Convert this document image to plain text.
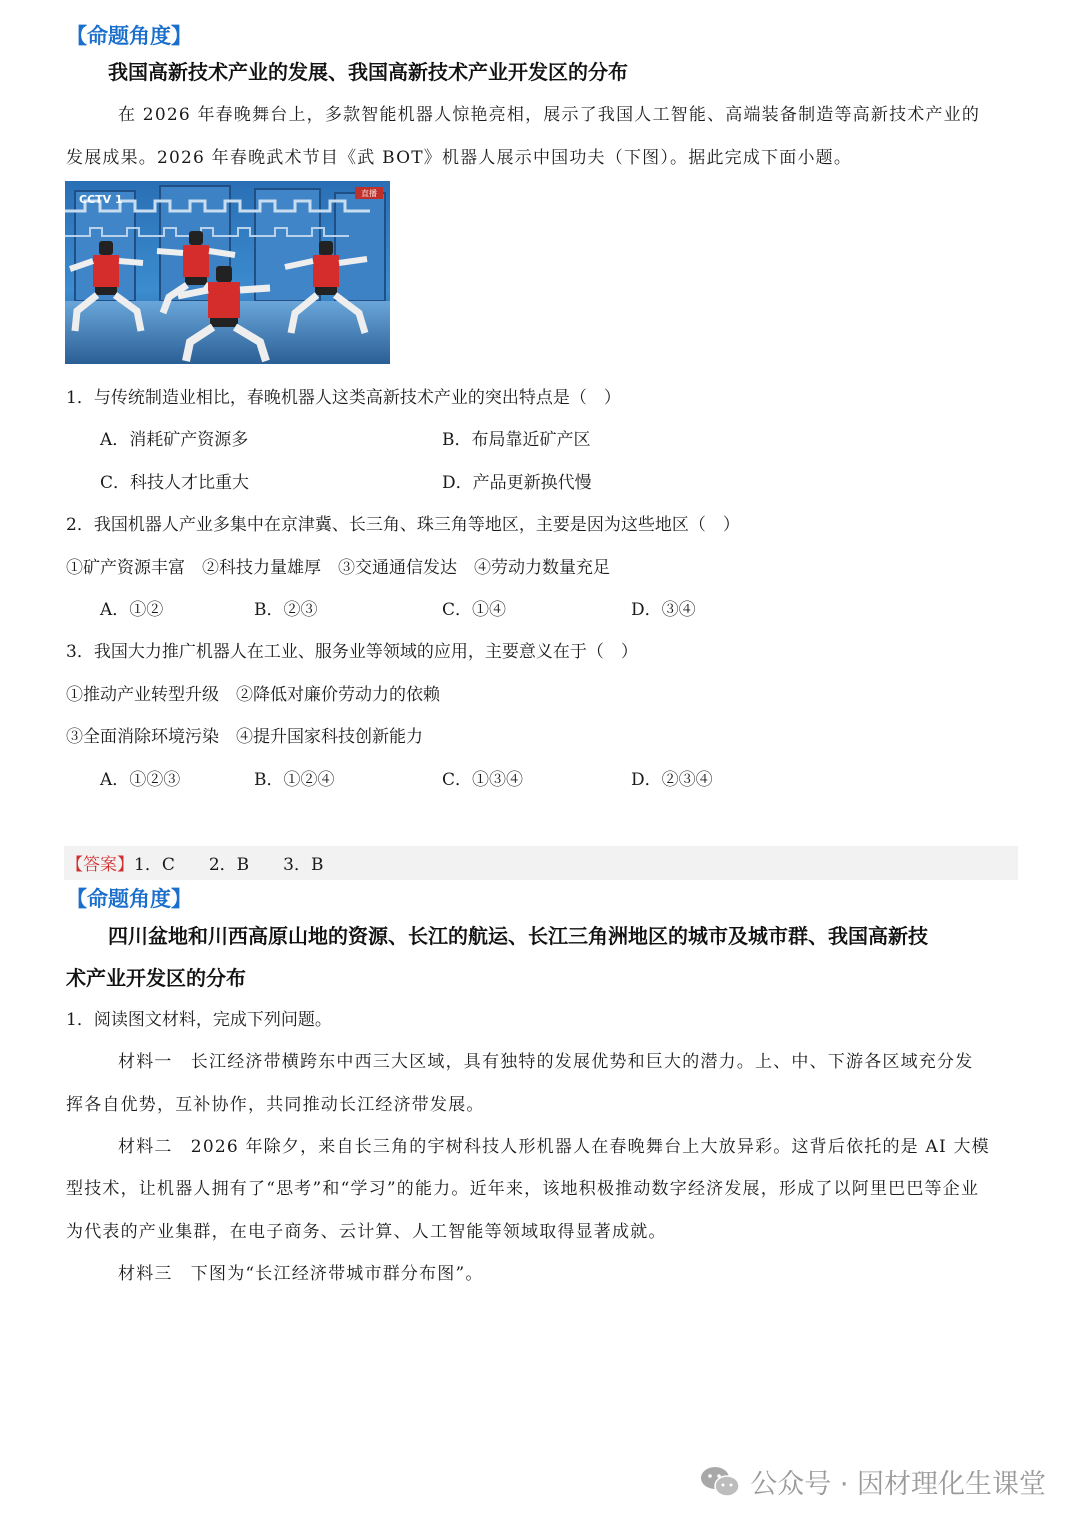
【命题角度】
我国高新技术产业的发展、我国高新技术产业开发区的分布
在 2026 年春晚舞台上，多款智能机器人惊艳亮相，展示了我国人工智能、高端装备制造等高新技术产业的
发展成果。2026 年春晚武术节目《武 BOT》机器人展示中国功夫（下图）。据此完成下面小题。
CCTV 1	直播
1．与传统制造业相比，春晚机器人这类高新技术产业的突出特点是（　）
A．消耗矿产资源多	B．布局靠近矿产区
C．科技人才比重大	D．产品更新换代慢
2．我国机器人产业多集中在京津冀、长三角、珠三角等地区，主要是因为这些地区（　）
①矿产资源丰富　②科技力量雄厚　③交通通信发达　④劳动力数量充足
A．①②	B．②③	C．①④	D．③④
3．我国大力推广机器人在工业、服务业等领域的应用，主要意义在于（　）
①推动产业转型升级　②降低对廉价劳动力的依赖
③全面消除环境污染　④提升国家科技创新能力
A．①②③	B．①②④	C．①③④	D．②③④
【答案】1．C　　2．B　　3．B
【命题角度】
四川盆地和川西高原山地的资源、长江的航运、长江三角洲地区的城市及城市群、我国高新技
术产业开发区的分布
1．阅读图文材料，完成下列问题。
材料一　长江经济带横跨东中西三大区域，具有独特的发展优势和巨大的潜力。上、中、下游各区域充分发
挥各自优势，互补协作，共同推动长江经济带发展。
材料二　2026 年除夕，来自长三角的宇树科技人形机器人在春晚舞台上大放异彩。这背后依托的是 AI 大模
型技术，让机器人拥有了“思考”和“学习”的能力。近年来，该地积极推动数字经济发展，形成了以阿里巴巴等企业
为代表的产业集群，在电子商务、云计算、人工智能等领域取得显著成就。
材料三　下图为“长江经济带城市群分布图”。
公众号 · 因材理化生课堂
